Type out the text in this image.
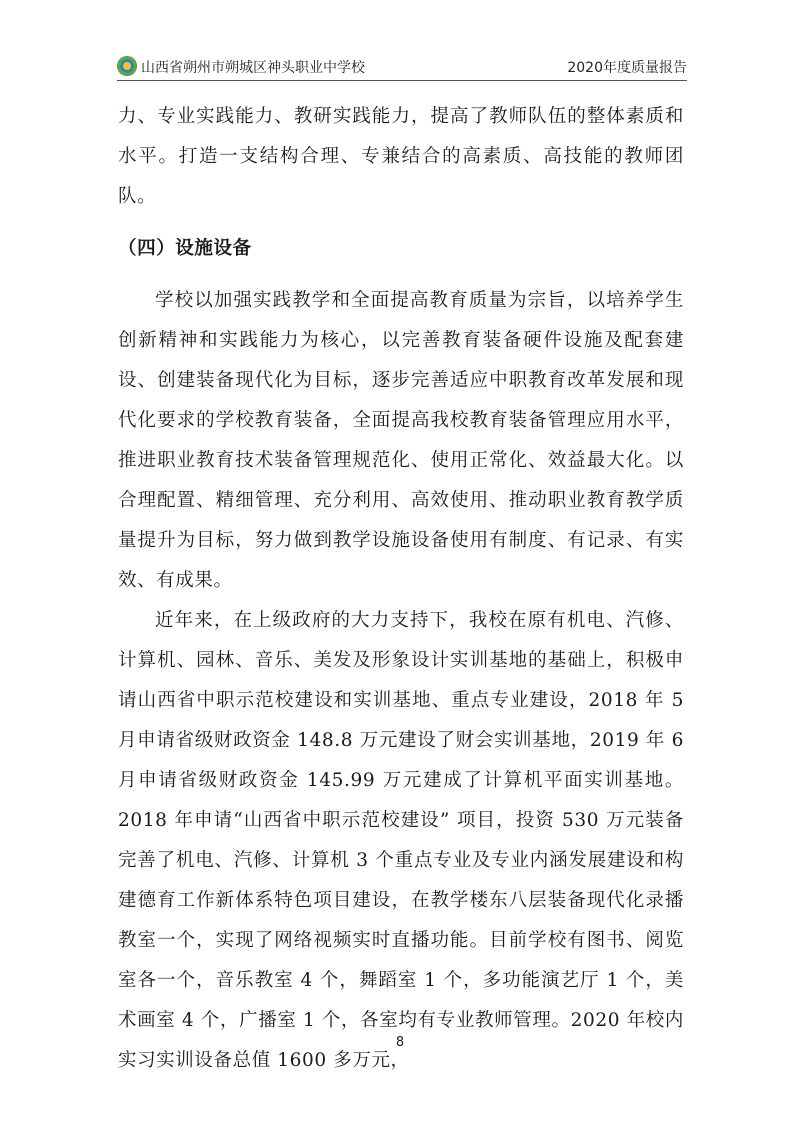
山西省朔州市朔城区神头职业中学校	2020年度质量报告

力、专业实践能力、教研实践能力，提高了教师队伍的整体素质和水平。打造一支结构合理、专兼结合的高素质、高技能的教师团队。

（四）设施设备

学校以加强实践教学和全面提高教育质量为宗旨，以培养学生创新精神和实践能力为核心，以完善教育装备硬件设施及配套建设、创建装备现代化为目标，逐步完善适应中职教育改革发展和现代化要求的学校教育装备，全面提高我校教育装备管理应用水平，推进职业教育技术装备管理规范化、使用正常化、效益最大化。以合理配置、精细管理、充分利用、高效使用、推动职业教育教学质量提升为目标，努力做到教学设施设备使用有制度、有记录、有实效、有成果。

近年来，在上级政府的大力支持下，我校在原有机电、汽修、计算机、园林、音乐、美发及形象设计实训基地的基础上，积极申请山西省中职示范校建设和实训基地、重点专业建设，2018 年 5 月申请省级财政资金 148.8 万元建设了财会实训基地，2019 年 6 月申请省级财政资金 145.99 万元建成了计算机平面实训基地。2018 年申请“山西省中职示范校建设” 项目，投资 530 万元装备完善了机电、汽修、计算机 3 个重点专业及专业内涵发展建设和构建德育工作新体系特色项目建设，在教学楼东八层装备现代化录播教室一个，实现了网络视频实时直播功能。目前学校有图书、阅览室各一个，音乐教室 4 个，舞蹈室 1 个，多功能演艺厅 1 个，美术画室 4 个，广播室 1 个，各室均有专业教师管理。2020 年校内实习实训设备总值 1600 多万元，

8
